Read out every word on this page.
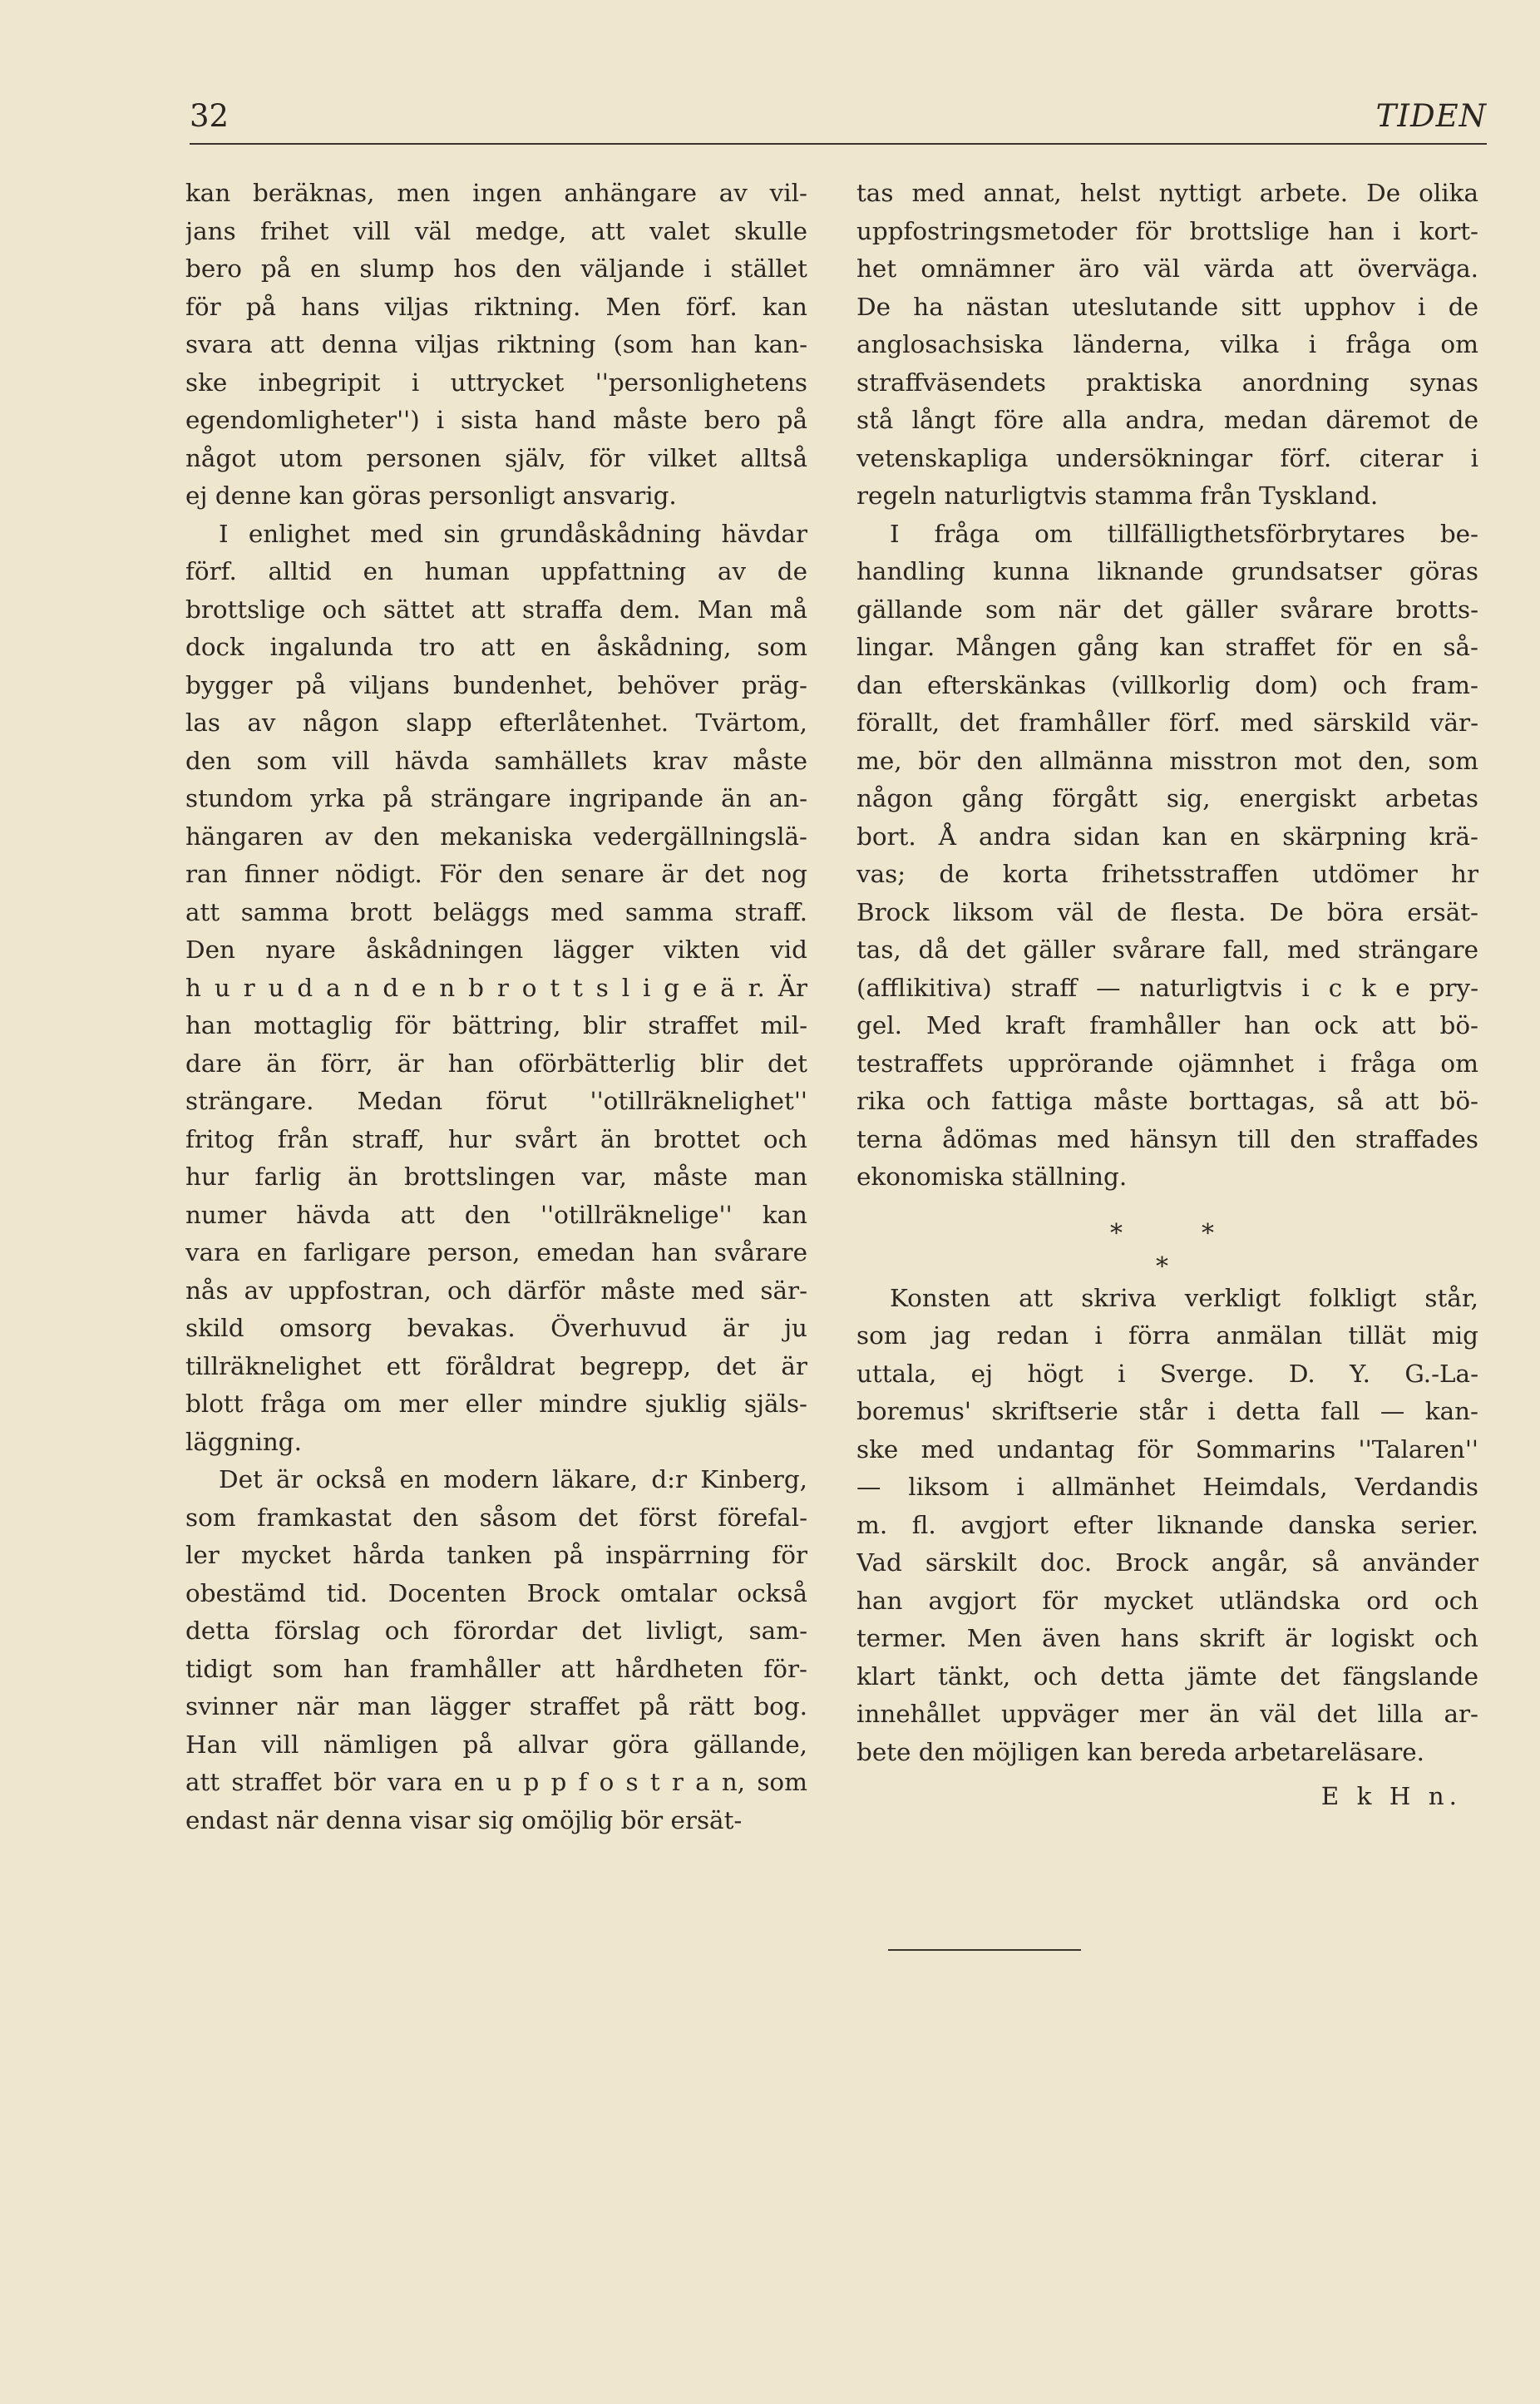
32	TIDEN
kan beräknas, men ingen anhängare av vil-
jans frihet vill väl medge, att valet skulle
bero på en slump hos den väljande i stället
för på hans viljas riktning. Men förf. kan
svara att denna viljas riktning (som han kan-
ske inbegripit i uttrycket ''personlighetens
egendomligheter'') i sista hand måste bero på
något utom personen själv, för vilket alltså
ej denne kan göras personligt ansvarig.
I enlighet med sin grundåskådning hävdar
förf. alltid en human uppfattning av de
brottslige och sättet att straffa dem. Man må
dock ingalunda tro att en åskådning, som
bygger på viljans bundenhet, behöver präg-
las av någon slapp efterlåtenhet. Tvärtom,
den som vill hävda samhällets krav måste
stundom yrka på strängare ingripande än an-
hängaren av den mekaniska vedergällningslä-
ran finner nödigt. För den senare är det nog
att samma brott beläggs med samma straff.
Den nyare åskådningen lägger vikten vid
h u r u d a n d e n b r o t t s l i g e ä r. Är
han mottaglig för bättring, blir straffet mil-
dare än förr, är han oförbätterlig blir det
strängare. Medan förut ''otillräknelighet''
fritog från straff, hur svårt än brottet och
hur farlig än brottslingen var, måste man
numer hävda att den ''otillräknelige'' kan
vara en farligare person, emedan han svårare
nås av uppfostran, och därför måste med sär-
skild omsorg bevakas. Överhuvud är ju
tillräknelighet ett föråldrat begrepp, det är
blott fråga om mer eller mindre sjuklig själs-
läggning.
Det är också en modern läkare, d:r Kinberg,
som framkastat den såsom det först förefal-
ler mycket hårda tanken på inspärrning för
obestämd tid. Docenten Brock omtalar också
detta förslag och förordar det livligt, sam-
tidigt som han framhåller att hårdheten för-
svinner när man lägger straffet på rätt bog.
Han vill nämligen på allvar göra gällande,
att straffet bör vara en u p p f o s t r a n, som
endast när denna visar sig omöjlig bör ersät-
tas med annat, helst nyttigt arbete. De olika
uppfostringsmetoder för brottslige han i kort-
het omnämner äro väl värda att överväga.
De ha nästan uteslutande sitt upphov i de
anglosachsiska länderna, vilka i fråga om
straffväsendets praktiska anordning synas
stå långt före alla andra, medan däremot de
vetenskapliga undersökningar förf. citerar i
regeln naturligtvis stamma från Tyskland.
I fråga om tillfälligthetsförbrytares be-
handling kunna liknande grundsatser göras
gällande som när det gäller svårare brotts-
lingar. Mången gång kan straffet för en så-
dan efterskänkas (villkorlig dom) och fram-
förallt, det framhåller förf. med särskild vär-
me, bör den allmänna misstron mot den, som
någon gång förgått sig, energiskt arbetas
bort. Å andra sidan kan en skärpning krä-
vas; de korta frihetsstraffen utdömer hr
Brock liksom väl de flesta. De böra ersät-
tas, då det gäller svårare fall, med strängare
(afflikitiva) straff — naturligtvis i c k e pry-
gel. Med kraft framhåller han ock att bö-
testraffets upprörande ojämnhet i fråga om
rika och fattiga måste borttagas, så att bö-
terna ådömas med hänsyn till den straffades
ekonomiska ställning.
*	*
*
Konsten att skriva verkligt folkligt står,
som jag redan i förra anmälan tillät mig
uttala, ej högt i Sverge. D. Y. G.-La-
boremus' skriftserie står i detta fall — kan-
ske med undantag för Sommarins ''Talaren''
— liksom i allmänhet Heimdals, Verdandis
m. fl. avgjort efter liknande danska serier.
Vad särskilt doc. Brock angår, så använder
han avgjort för mycket utländska ord och
termer. Men även hans skrift är logiskt och
klart tänkt, och detta jämte det fängslande
innehållet uppväger mer än väl det lilla ar-
bete den möjligen kan bereda arbetareläsare.
E k H n.
